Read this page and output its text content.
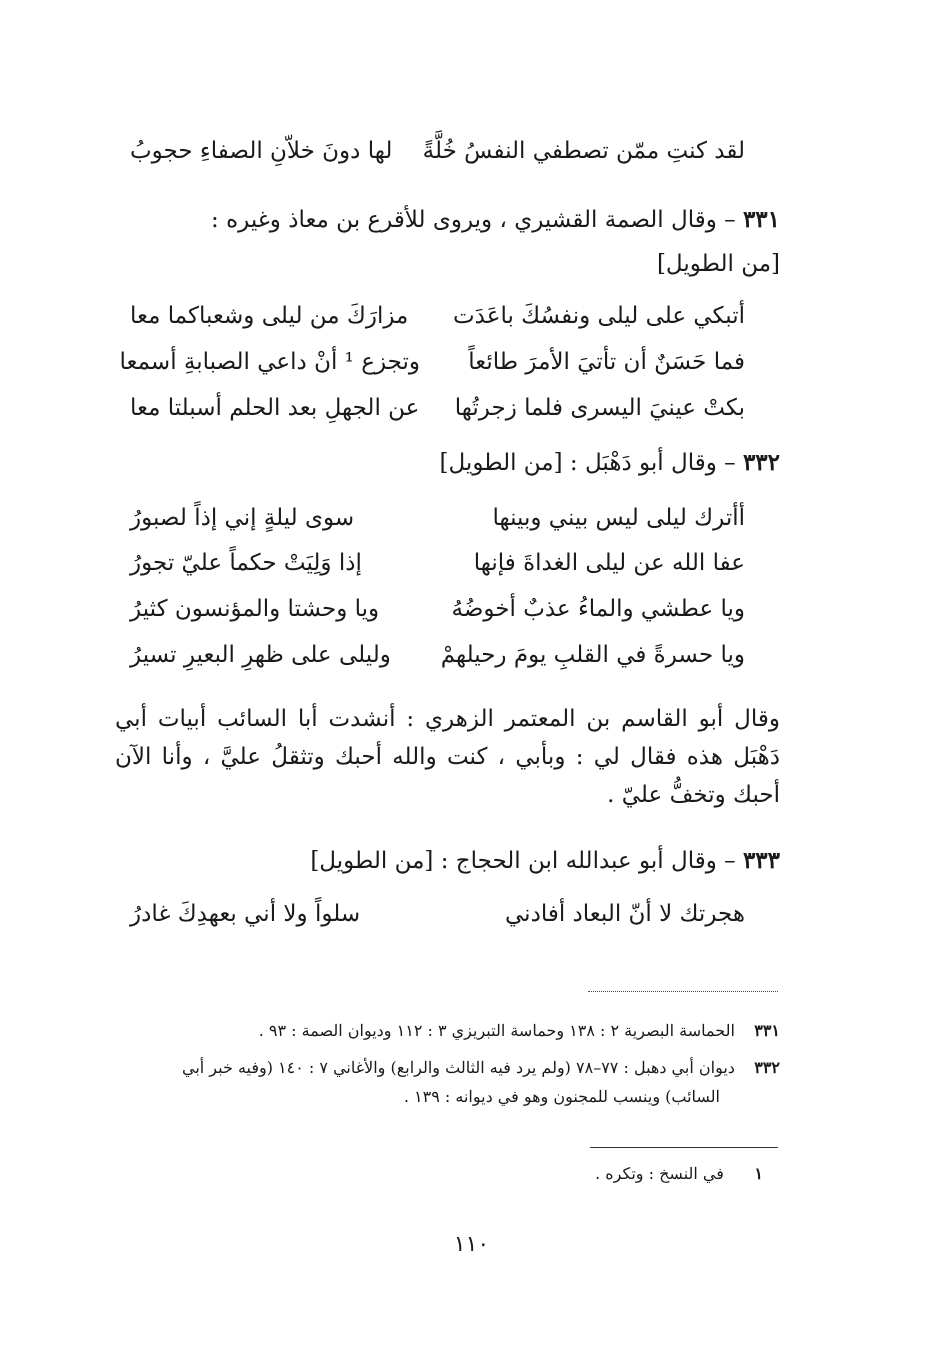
لقد كنتِ ممّن تصطفي النفسُ خُلَّةً
لها دونَ خلاّنِ الصفاءِ حجوبُ
٣٣١ – وقال الصمة القشيري ، ويروى للأقرع بن معاذ وغيره :
[من الطويل]
أتبكي على ليلى ونفسُكَ باعَدَت
مزارَكَ من ليلى وشعباكما معا
فما حَسَنٌ أن تأتيَ الأمرَ طائعاً
وتجزع ¹ أنْ داعي الصبابةِ أسمعا
بكتْ عينيَ اليسرى فلما زجرتُها
عن الجهلِ بعد الحلم أسبلتا معا
٣٣٢ – وقال أبو دَهْبَل : [من الطويل]
أأترك ليلى ليس بيني وبينها
سوى ليلةٍ إني إذاً لصبورُ
عفا الله عن ليلى الغداةَ فإنها
إذا وَلِيَتْ حكماً عليّ تجورُ
ويا عطشي والماءُ عذبٌ أخوضُهُ
ويا وحشتا والمؤنسون كثيرُ
ويا حسرةً في القلبِ يومَ رحيلهمْ
وليلى على ظهرِ البعيرِ تسيرُ
وقال أبو القاسم بن المعتمر الزهري : أنشدت أبا السائب أبيات أبي دَهْبَل هذه فقال لي : وبأبي ، كنت والله أحبك وتثقلُ عليَّ ، وأنا الآن أحبك وتخفُّ عليّ .
٣٣٣ – وقال أبو عبدالله ابن الحجاج : [من الطويل]
هجرتك لا أنّ البعاد أفادني
سلواً ولا أني بعهدِكَ غادرُ
٣٣١ الحماسة البصرية ٢ : ١٣٨ وحماسة التبريزي ٣ : ١١٢ وديوان الصمة : ٩٣ .
٣٣٢ ديوان أبي دهبل : ٧٧–٧٨ (ولم يرد فيه الثالث والرابع) والأغاني ٧ : ١٤٠ (وفيه خبر أبي
السائب) وينسب للمجنون وهو في ديوانه : ١٣٩ .
١ في النسخ : وتكره .
١١٠
